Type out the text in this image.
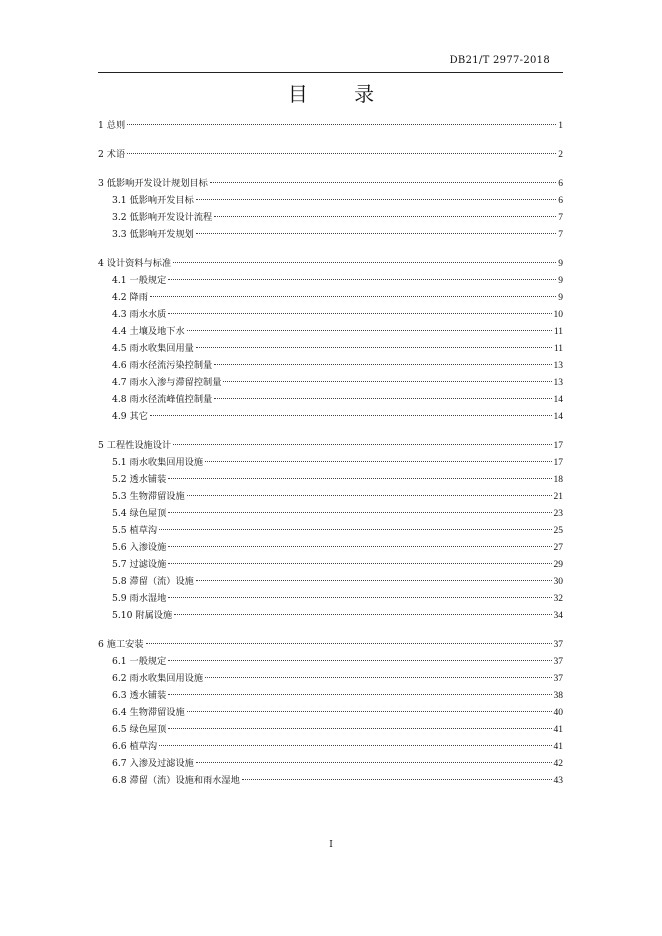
DB21/T 2977-2018
目 录
1 总则	1
2 术语	2
3 低影响开发设计规划目标	6
3.1 低影响开发目标	6
3.2 低影响开发设计流程	7
3.3 低影响开发规划	7
4 设计资料与标准	9
4.1 一般规定	9
4.2 降雨	9
4.3 雨水水质	10
4.4 土壤及地下水	11
4.5 雨水收集回用量	11
4.6 雨水径流污染控制量	13
4.7 雨水入渗与滞留控制量	13
4.8 雨水径流峰值控制量	14
4.9 其它	14
5 工程性设施设计	17
5.1 雨水收集回用设施	17
5.2 透水铺装	18
5.3 生物滞留设施	21
5.4 绿色屋顶	23
5.5 植草沟	25
5.6 入渗设施	27
5.7 过滤设施	29
5.8 滞留（流）设施	30
5.9 雨水湿地	32
5.10 附属设施	34
6 施工安装	37
6.1 一般规定	37
6.2 雨水收集回用设施	37
6.3 透水铺装	38
6.4 生物滞留设施	40
6.5 绿色屋顶	41
6.6 植草沟	41
6.7 入渗及过滤设施	42
6.8 滞留（流）设施和雨水湿地	43
I
